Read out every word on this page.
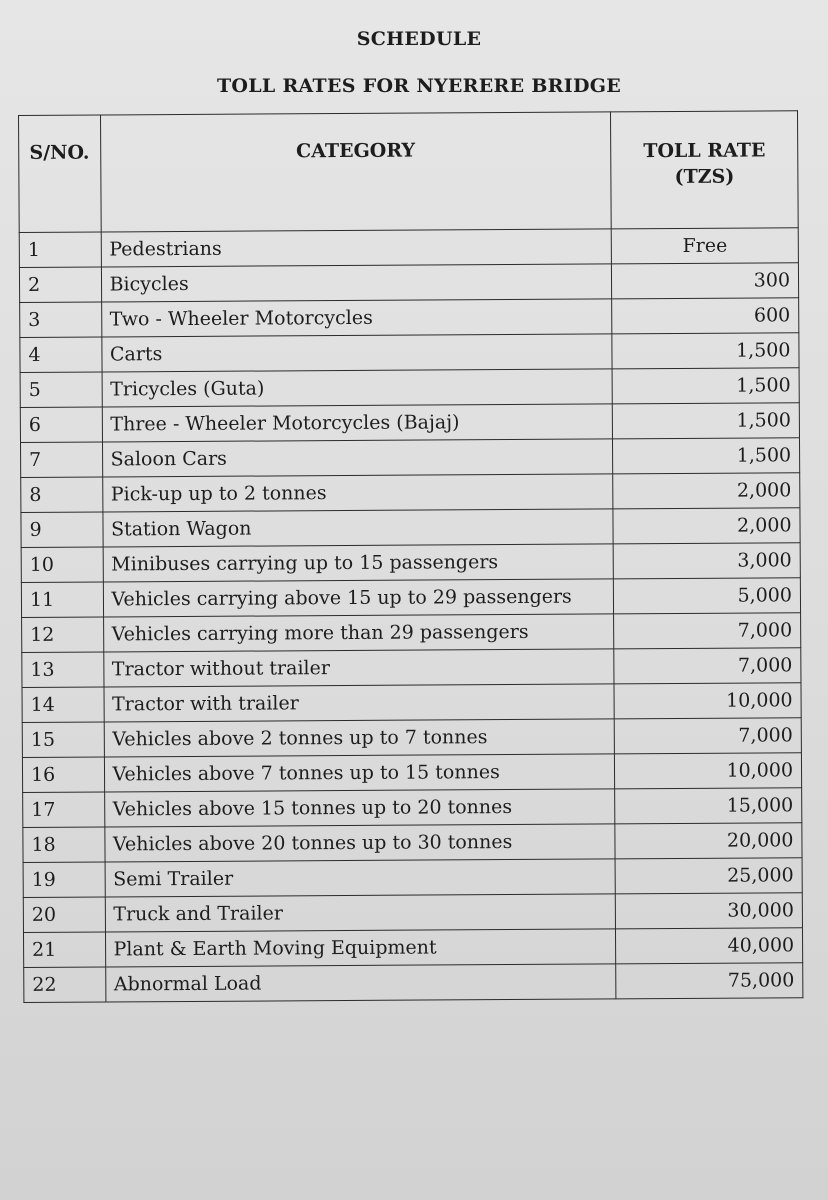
SCHEDULE
TOLL RATES FOR NYERERE BRIDGE
S/NO.	CATEGORY	TOLL RATE
(TZS)

1	Pedestrians	Free
2	Bicycles	300
3	Two - Wheeler Motorcycles	600
4	Carts	1,500
5	Tricycles (Guta)	1,500
6	Three - Wheeler Motorcycles (Bajaj)	1,500
7	Saloon Cars	1,500
8	Pick-up up to 2 tonnes	2,000
9	Station Wagon	2,000
10	Minibuses carrying up to 15 passengers	3,000
11	Vehicles carrying above 15 up to 29 passengers	5,000
12	Vehicles carrying more than 29 passengers	7,000
13	Tractor without trailer	7,000
14	Tractor with trailer	10,000
15	Vehicles above 2 tonnes up to 7 tonnes	7,000
16	Vehicles above 7 tonnes up to 15 tonnes	10,000
17	Vehicles above 15 tonnes up to 20 tonnes	15,000
18	Vehicles above 20 tonnes up to 30 tonnes	20,000
19	Semi Trailer	25,000
20	Truck and Trailer	30,000
21	Plant & Earth Moving Equipment	40,000
22	Abnormal Load	75,000
